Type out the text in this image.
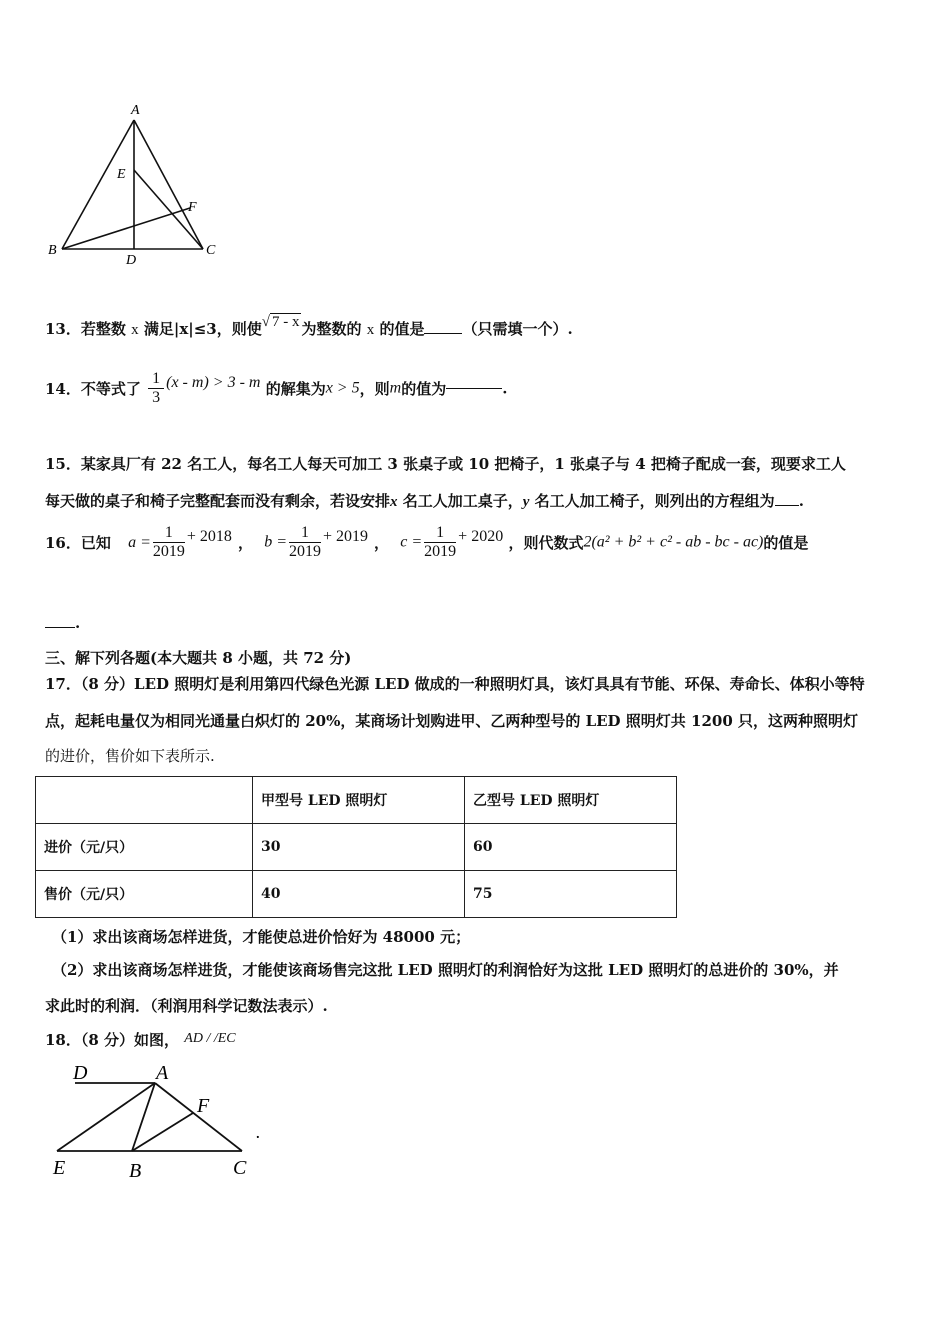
A
E
F
B
D
C
13．若整数 x 满足|x|≤3，则使√ 7 - x 为整数的 x 的值是	（只需填一个）.
14．不等式了 $\frac{1}{3} (x - m) > 3 - m$ 的解集为x > 5，则m的值为	.
15．某家具厂有 22 名工人，每名工人每天可加工 3 张桌子或 10 把椅子，1 张桌子与 4 把椅子配成一套，现要求工人
每天做的桌子和椅子完整配套而没有剩余，若设安排x 名工人加工桌子，y 名工人加工椅子，则列出的方程组为 .
16．已知 $a = \frac{1}{2019} + 2018$ ， $b = \frac{1}{2019} + 2019$ ， $c = \frac{1}{2019} + 2020$ ，则代数式2(a² + b² + c² - ab - bc - ac)的值是
.
三、解下列各题(本大题共 8 小题，共 72 分)
17．（8 分）LED 照明灯是利用第四代绿色光源 LED 做成的一种照明灯具，该灯具具有节能、环保、寿命长、体积小等特
点，起耗电量仅为相同光通量白炽灯的 20%，某商场计划购进甲、乙两种型号的 LED 照明灯共 1200 只，这两种照明灯
的进价，售价如下表所示.
	甲型号 LED 照明灯	乙型号 LED 照明灯
进价（元/只）	30	60
售价（元/只）	40	75
（1）求出该商场怎样进货，才能使总进价恰好为 48000 元；
（2）求出该商场怎样进货，才能使该商场售完这批 LED 照明灯的利润恰好为这批 LED 照明灯的总进价的 30%，并
求此时的利润．（利润用科学记数法表示）.
18．（8 分）如图， AD / /EC
D	A
F
E	B	C
.
